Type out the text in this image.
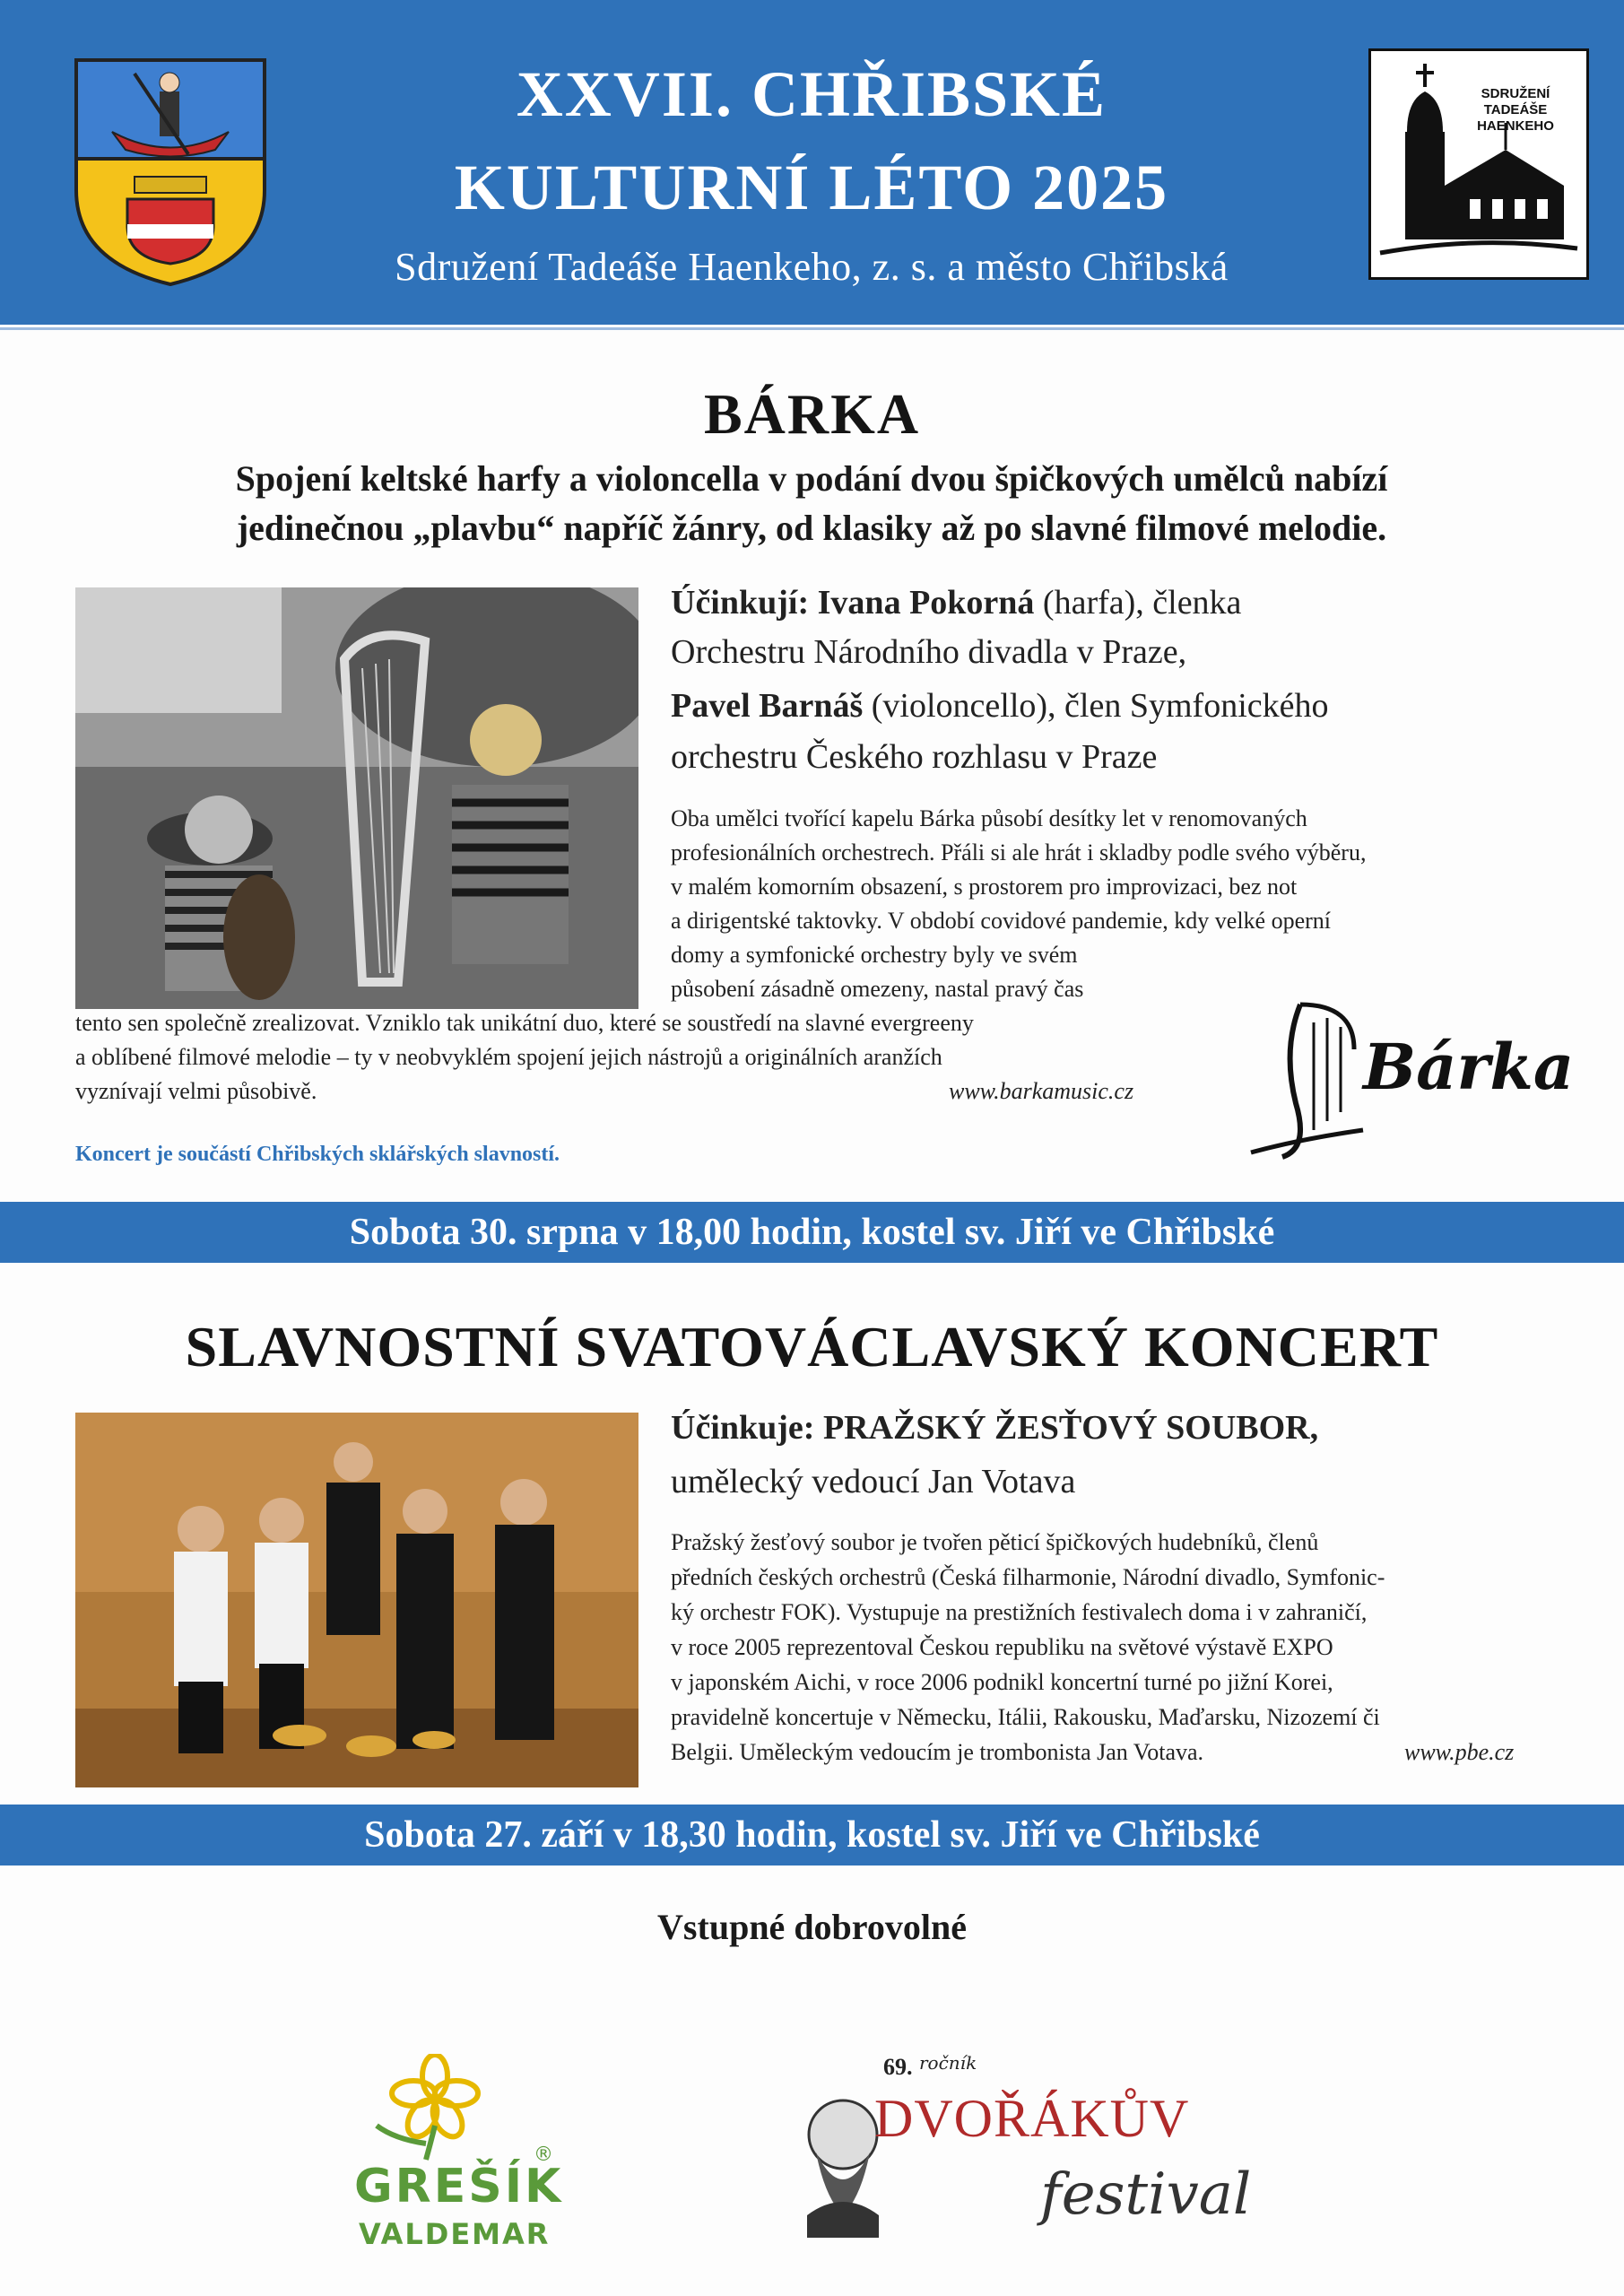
XXVII. CHŘIBSKÉ
KULTURNÍ LÉTO 2025
Sdružení Tadeáše Haenkeho, z. s. a město Chřibská
SDRUŽENÍ
TADEÁŠE
HAENKEHO
BÁRKA
Spojení keltské harfy a violoncella v podání dvou špičkových umělců nabízí
jedinečnou „plavbu“ napříč žánry, od klasiky až po slavné filmové melodie.
Účinkují: Ivana Pokorná (harfa), členka
Orchestru Národního divadla v Praze,
Pavel Barnáš (violoncello), člen Symfonického
orchestru Českého rozhlasu v Praze
Oba umělci tvořící kapelu Bárka působí desítky let v renomovaných
profesionálních orchestrech. Přáli si ale hrát i skladby podle svého výběru,
v malém komorním obsazení, s prostorem pro improvizaci, bez not
a dirigentské taktovky. V období covidové pandemie, kdy velké operní
domy a symfonické orchestry byly ve svém
působení zásadně omezeny, nastal pravý čas
tento sen společně zrealizovat. Vzniklo tak unikátní duo, které se soustředí na slavné evergreeny
a oblíbené filmové melodie – ty v neobvyklém spojení jejich nástrojů a originálních aranžích
vyznívají velmi působivě.	www.barkamusic.cz
Koncert je součástí Chřibských sklářských slavností.
Bárka
Sobota 30. srpna v 18,00 hodin, kostel sv. Jiří ve Chřibské
SLAVNOSTNÍ SVATOVÁCLAVSKÝ KONCERT
Účinkuje: PRAŽSKÝ ŽESŤOVÝ SOUBOR,
umělecký vedoucí Jan Votava
Pražský žesťový soubor je tvořen pěticí špičkových hudebníků, členů
předních českých orchestrů (Česká filharmonie, Národní divadlo, Symfonic-
ký orchestr FOK). Vystupuje na prestižních festivalech doma i v zahraničí,
v roce 2005 reprezentoval Českou republiku na světové výstavě EXPO
v japonském Aichi, v roce 2006 podnikl koncertní turné po jižní Korei,
pravidelně koncertuje v Německu, Itálii, Rakousku, Maďarsku, Nizozemí či
Belgii. Uměleckým vedoucím je trombonista Jan Votava.	www.pbe.cz
Sobota 27. září v 18,30 hodin, kostel sv. Jiří ve Chřibské
Vstupné dobrovolné
GREŠÍK
®
VALDEMAR
69. ročník
DVOŘÁKŮV
festival
